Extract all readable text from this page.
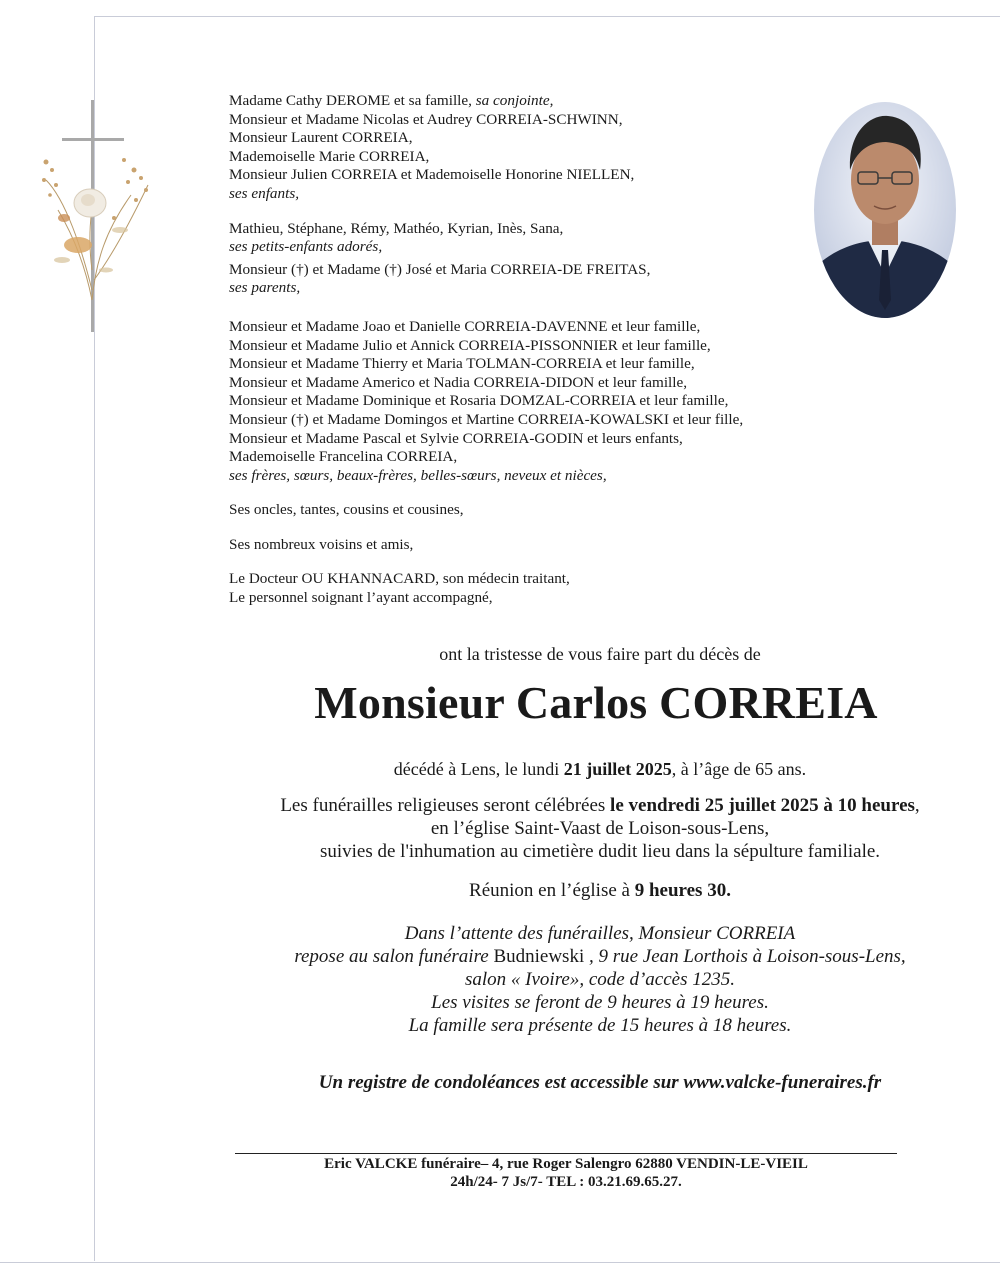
Madame Cathy DEROME et sa famille, sa conjointe,

Monsieur et Madame Nicolas et Audrey CORREIA-SCHWINN,

Monsieur Laurent CORREIA,

Mademoiselle Marie CORREIA,

Monsieur Julien CORREIA et Mademoiselle Honorine NIELLEN,

ses enfants,

Mathieu, Stéphane, Rémy, Mathéo, Kyrian, Inès, Sana,

ses petits-enfants adorés,

Monsieur (†) et Madame (†) José et Maria CORREIA-DE FREITAS,

ses parents,

Monsieur et Madame Joao et Danielle CORREIA-DAVENNE et leur famille,

Monsieur et Madame Julio et Annick CORREIA-PISSONNIER et leur famille,

Monsieur et Madame Thierry et Maria TOLMAN-CORREIA et leur famille,

Monsieur et Madame Americo et Nadia CORREIA-DIDON et leur famille,

Monsieur et Madame Dominique et Rosaria DOMZAL-CORREIA et leur famille,

Monsieur (†) et Madame Domingos et Martine CORREIA-KOWALSKI et leur fille,

Monsieur et Madame Pascal et Sylvie CORREIA-GODIN et leurs enfants,

Mademoiselle Francelina CORREIA,

ses frères, sœurs, beaux-frères, belles-sœurs, neveux et nièces,

Ses oncles, tantes, cousins et cousines,

Ses nombreux voisins et amis,

Le Docteur OU KHANNACARD, son médecin traitant,

Le personnel soignant l’ayant accompagné,

ont la tristesse de vous faire part du décès de
Monsieur Carlos CORREIA
décédé à Lens, le lundi 21 juillet 2025, à l’âge de 65 ans.
Les funérailles religieuses seront célébrées le vendredi 25 juillet 2025 à 10 heures,
en l’église Saint-Vaast de Loison-sous-Lens,
suivies de l'inhumation au cimetière dudit lieu dans la sépulture familiale.
Réunion en l’église à 9 heures 30.
Dans l’attente des funérailles, Monsieur CORREIA
repose au salon funéraire Budniewski , 9 rue Jean Lorthois à Loison-sous-Lens,
salon « Ivoire», code d’accès 1235.
Les visites se feront de 9 heures à 19 heures.
La famille sera présente de 15 heures à 18 heures.
Un registre de condoléances est accessible sur www.valcke-funeraires.fr
Eric VALCKE funéraire– 4, rue Roger Salengro 62880 VENDIN-LE-VIEIL
24h/24- 7 Js/7- TEL : 03.21.69.65.27.
